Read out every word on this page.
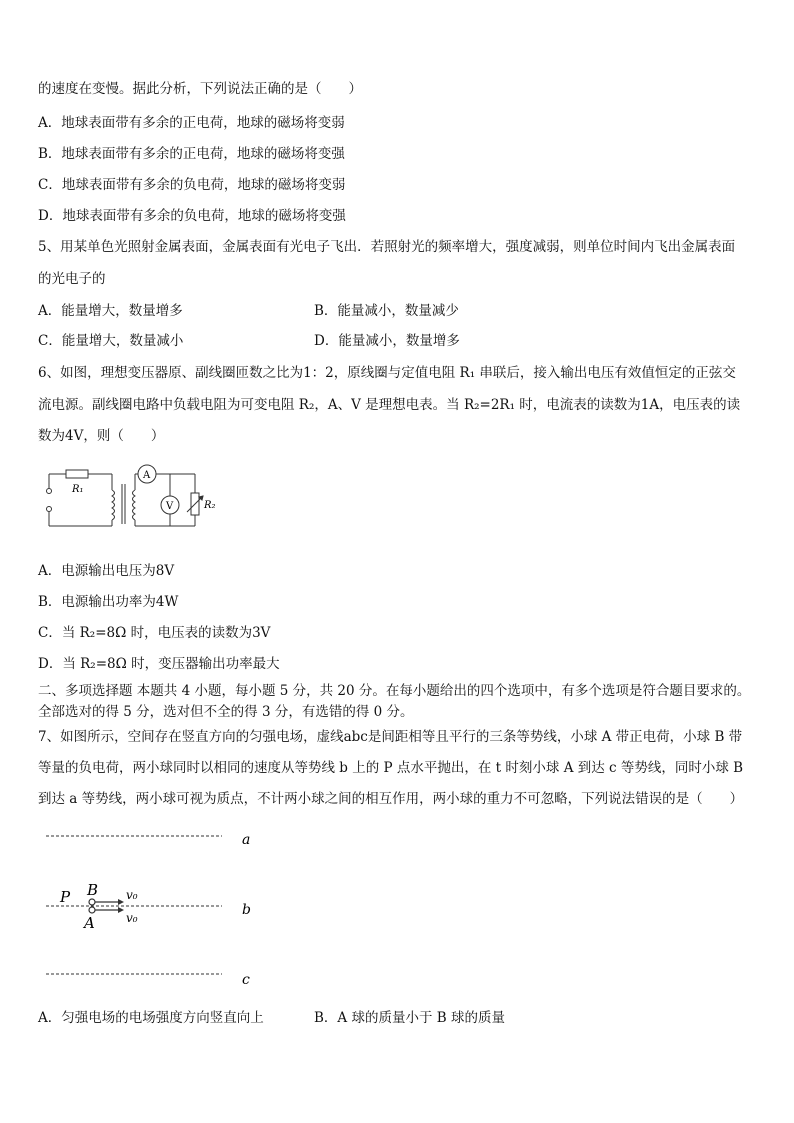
的速度在变慢。据此分析，下列说法正确的是（　　）
A．地球表面带有多余的正电荷，地球的磁场将变弱
B．地球表面带有多余的正电荷，地球的磁场将变强
C．地球表面带有多余的负电荷，地球的磁场将变弱
D．地球表面带有多余的负电荷，地球的磁场将变强
5、用某单色光照射金属表面，金属表面有光电子飞出．若照射光的频率增大，强度减弱，则单位时间内飞出金属表面
的光电子的
A．能量增大，数量增多	B．能量减小，数量减少
C．能量增大，数量减小	D．能量减小，数量增多
6、如图，理想变压器原、副线圈匝数之比为1：2，原线圈与定值电阻 R₁ 串联后，接入输出电压有效值恒定的正弦交
流电源。副线圈电路中负载电阻为可变电阻 R₂，A、V 是理想电表。当 R₂=2R₁ 时，电流表的读数为1A，电压表的读
数为4V，则（　　）
R₁
A
V	R₂
A．电源输出电压为8V
B．电源输出功率为4W
C．当 R₂=8Ω 时，电压表的读数为3V
D．当 R₂=8Ω 时，变压器输出功率最大
二、多项选择题 本题共 4 小题，每小题 5 分，共 20 分。在每小题给出的四个选项中，有多个选项是符合题目要求的。
全部选对的得 5 分，选对但不全的得 3 分，有选错的得 0 分。
7、如图所示，空间存在竖直方向的匀强电场，虚线abc是间距相等且平行的三条等势线，小球 A 带正电荷，小球 B 带
等量的负电荷，两小球同时以相同的速度从等势线 b 上的 P 点水平抛出，在 t 时刻小球 A 到达 c 等势线，同时小球 B
到达 a 等势线，两小球可视为质点，不计两小球之间的相互作用，两小球的重力不可忽略，下列说法错误的是（　　）
a
b
c
P B
A
v₀
v₀
A．匀强电场的电场强度方向竖直向上	B．A 球的质量小于 B 球的质量
